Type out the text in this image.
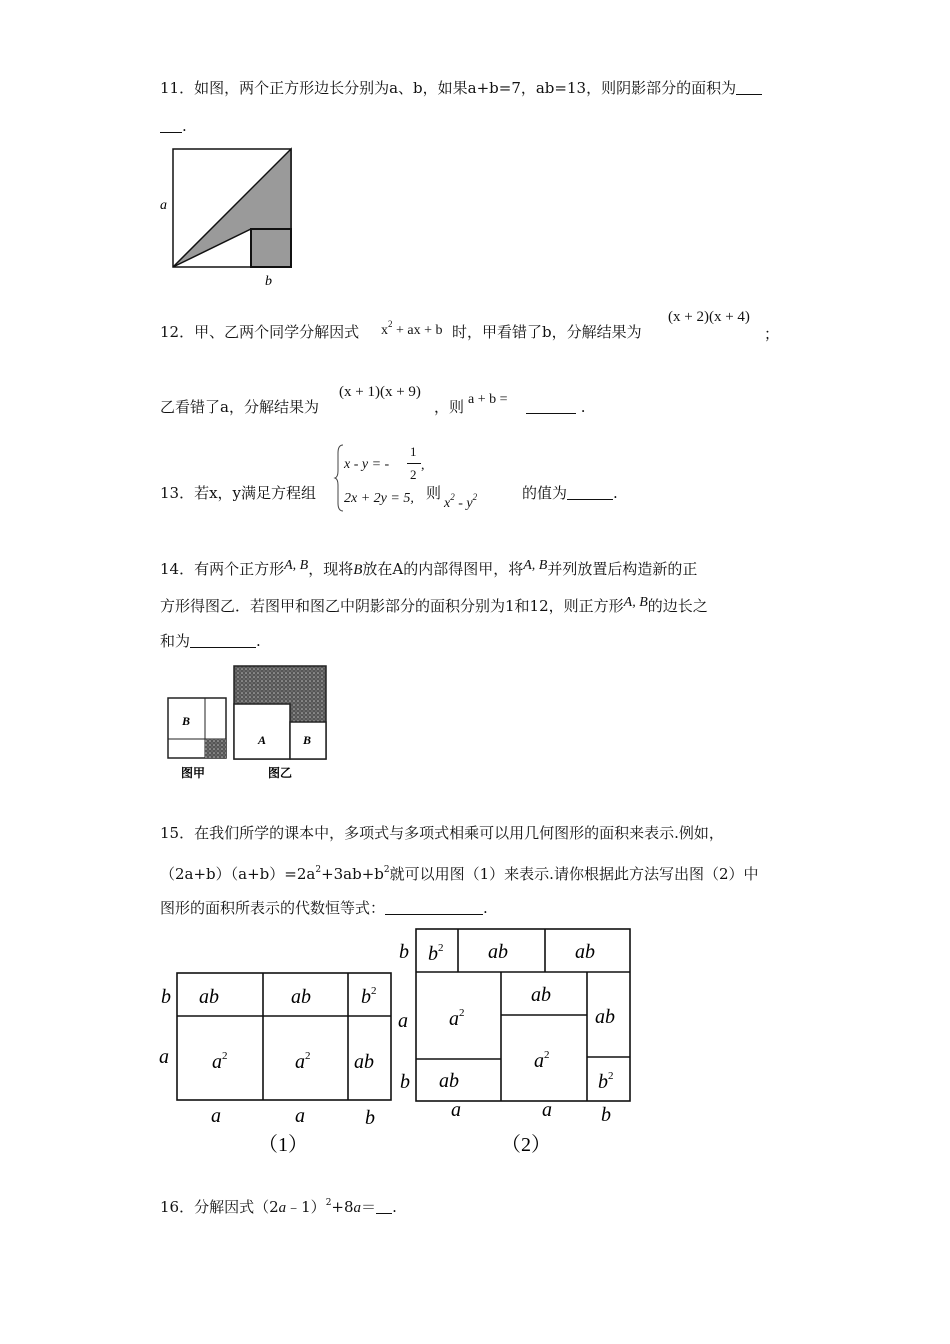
11．如图，两个正方形边长分别为a、b，如果a+b=7，ab=13，则阴影部分的面积为
.
a
b
12．甲、乙两个同学分解因式 $x^2$ + ax + b 时，甲看错了b，分解结果为
(x + 2)(x + 4)
；
乙看错了a，分解结果为
(x + 1)(x + 9)
，则 a + b =	.
13．若x，y满足方程组
x - y = -
1
2
,
2x + 2y = 5, 则
$x^2 - y^2$	的值为	.
14．有两个正方形A, B，现将B放在A的内部得图甲，将A, B并列放置后构造新的正
方形得图乙．若图甲和图乙中阴影部分的面积分别为1和12，则正方形A, B的边长之
和为	.
B
图甲
A	B
图乙
15．在我们所学的课本中，多项式与多项式相乘可以用几何图形的面积来表示.例如，
$(2a+b)(a+b)=2a^2+3ab+b^2$就可以用图（1）来表示.请你根据此方法写出图（2）中
图形的面积所表示的代数恒等式：	.
ab	ab	$b^2$
$a^2$	$a^2$ ab
b
a
a	a	b
（1）
$b^2$ ab	ab
$a^2$
ab
ab
$a^2$
ab	$b^2$
b
a
b
a	a b
（2）
16．分解因式（2a﹣1）$^2$+8a＝ .
